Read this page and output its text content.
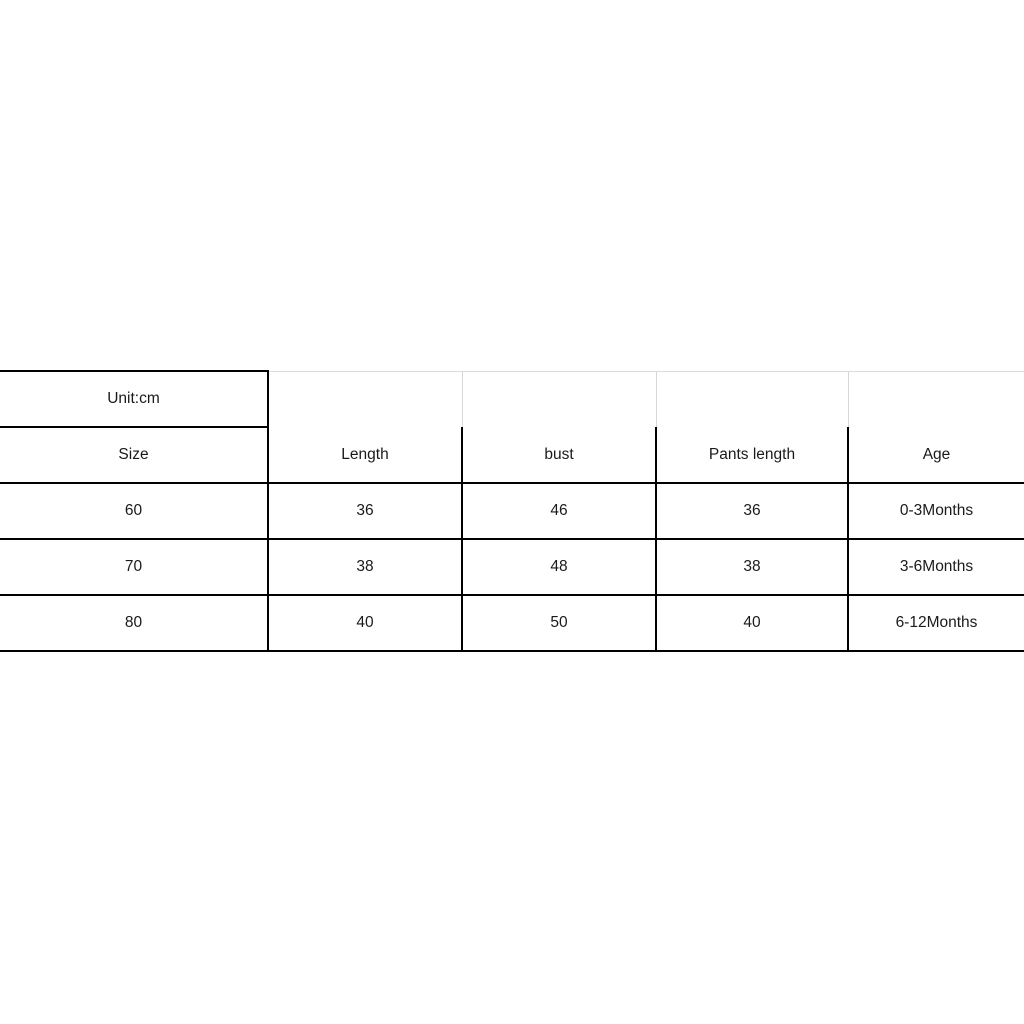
Unit:cm				
Size	Length	bust	Pants length	Age
60	36	46	36	0-3Months
70	38	48	38	3-6Months
80	40	50	40	6-12Months
